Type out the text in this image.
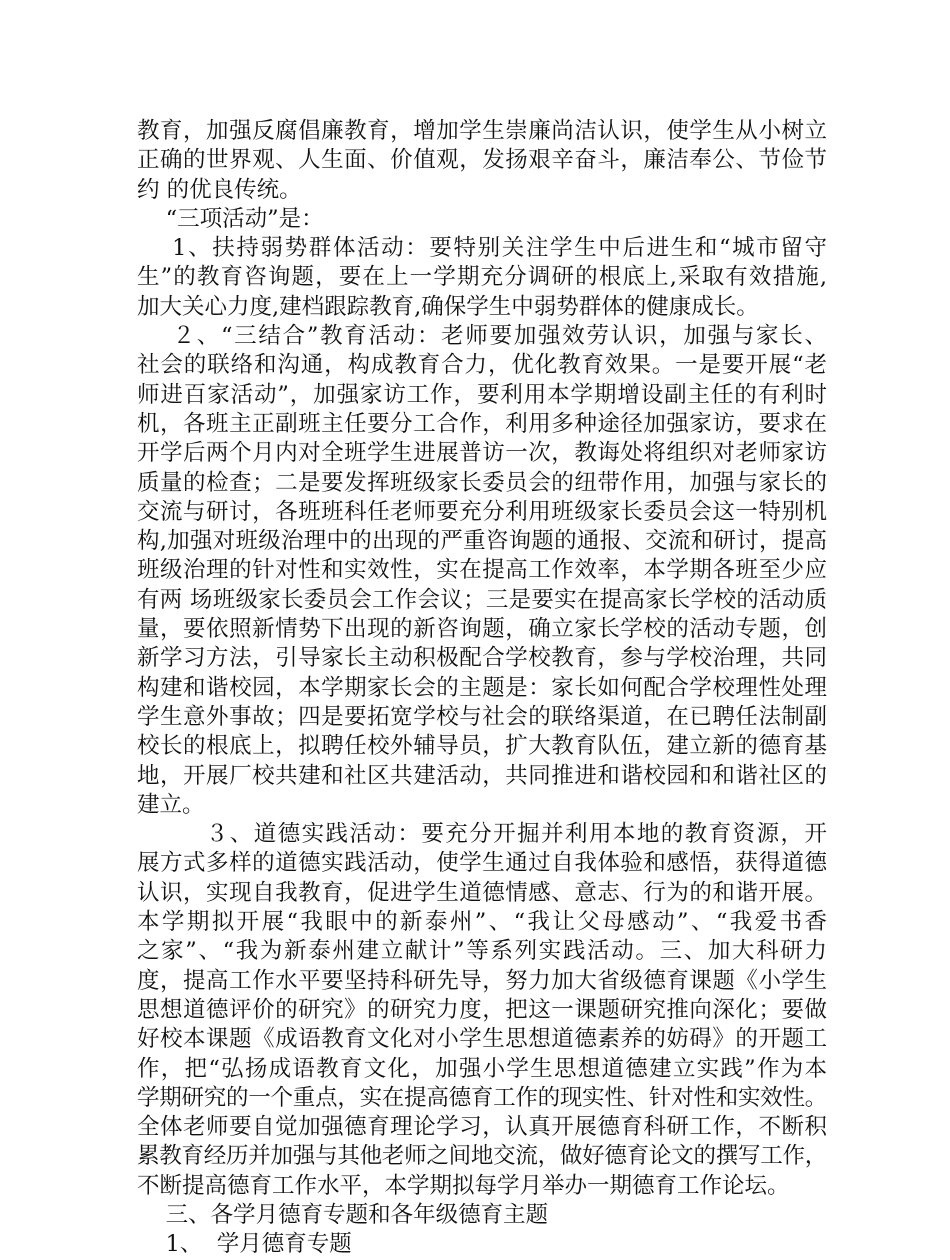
教育，加强反腐倡廉教育，增加学生崇廉尚洁认识，使学生从小树立
正确的世界观、人生面、价值观，发扬艰辛奋斗，廉洁奉公、节俭节
约 的优良传统。
“三项活动”是：
1、扶持弱势群体活动：要特别关注学生中后进生和“城市留守
生”的教育咨询题，要在上一学期充分调研的根底上,采取有效措施,
加大关心力度,建档跟踪教育,确保学生中弱势群体的健康成长。
２、“三结合”教育活动：老师要加强效劳认识，加强与家长、
社会的联络和沟通，构成教育合力，优化教育效果。一是要开展“老
师进百家活动”，加强家访工作，要利用本学期增设副主任的有利时
机，各班主正副班主任要分工合作，利用多种途径加强家访，要求在
开学后两个月内对全班学生进展普访一次，教诲处将组织对老师家访
质量的检查；二是要发挥班级家长委员会的纽带作用，加强与家长的
交流与研讨，各班班科任老师要充分利用班级家长委员会这一特别机
构,加强对班级治理中的出现的严重咨询题的通报、交流和研讨，提高
班级治理的针对性和实效性，实在提高工作效率，本学期各班至少应
有两 场班级家长委员会工作会议；三是要实在提高家长学校的活动质
量，要依照新情势下出现的新咨询题，确立家长学校的活动专题，创
新学习方法，引导家长主动积极配合学校教育，参与学校治理，共同
构建和谐校园，本学期家长会的主题是：家长如何配合学校理性处理
学生意外事故；四是要拓宽学校与社会的联络渠道，在已聘任法制副
校长的根底上，拟聘任校外辅导员，扩大教育队伍，建立新的德育基
地，开展厂校共建和社区共建活动，共同推进和谐校园和和谐社区的
建立。
３、道德实践活动：要充分开掘并利用本地的教育资源，开
展方式多样的道德实践活动，使学生通过自我体验和感悟，获得道德
认识，实现自我教育，促进学生道德情感、意志、行为的和谐开展。
本学期拟开展“我眼中的新泰州”、“我让父母感动”、“我爱书香
之家”、“我为新泰州建立献计”等系列实践活动。三、加大科研力
度，提高工作水平要坚持科研先导，努力加大省级德育课题《小学生
思想道德评价的研究》的研究力度，把这一课题研究推向深化；要做
好校本课题《成语教育文化对小学生思想道德素养的妨碍》的开题工
作，把“弘扬成语教育文化，加强小学生思想道德建立实践”作为本
学期研究的一个重点，实在提高德育工作的现实性、针对性和实效性。
全体老师要自觉加强德育理论学习，认真开展德育科研工作，不断积
累教育经历并加强与其他老师之间地交流，做好德育论文的撰写工作，
不断提高德育工作水平，本学期拟每学月举办一期德育工作论坛。
三、各学月德育专题和各年级德育主题
1、  学月德育专题
